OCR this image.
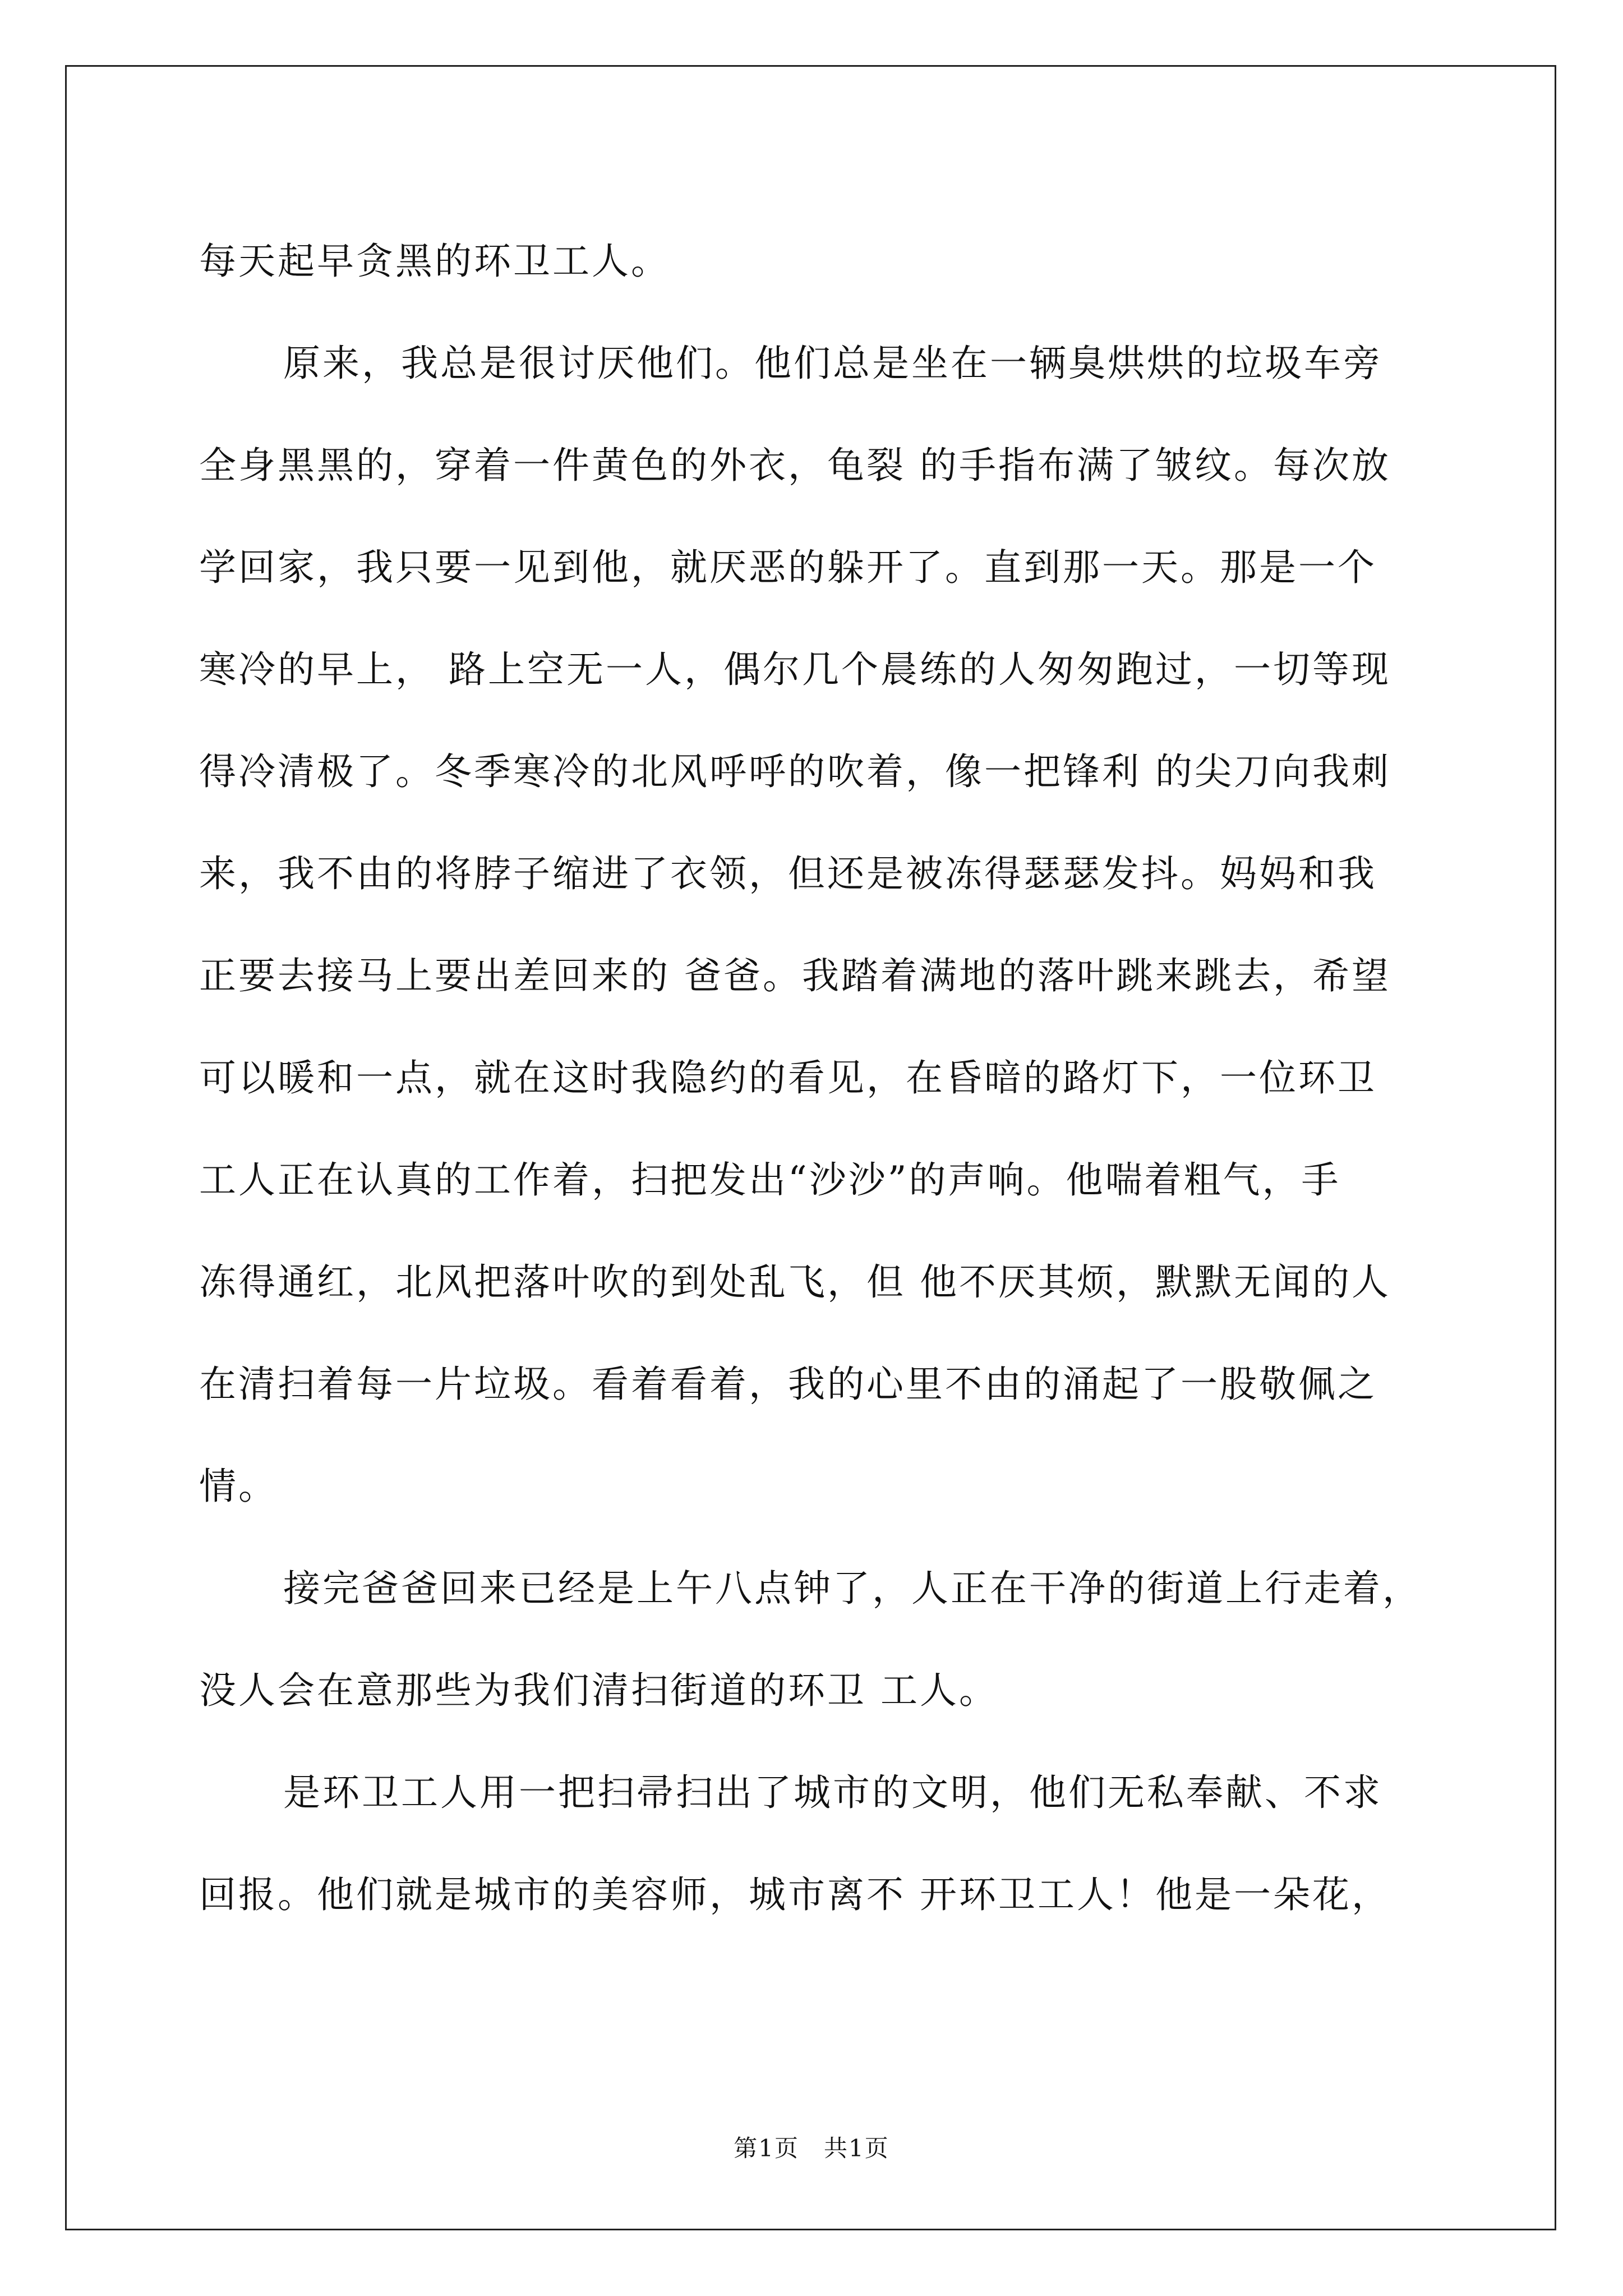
每天起早贪黑的环卫工人。
原来，我总是很讨厌他们。他们总是坐在一辆臭烘烘的垃圾车旁
全身黑黑的，穿着一件黄色的外衣，龟裂 的手指布满了皱纹。每次放
学回家，我只要一见到他，就厌恶的躲开了。直到那一天。那是一个
寒冷的早上， 路上空无一人，偶尔几个晨练的人匆匆跑过，一切等现
得冷清极了。冬季寒冷的北风呼呼的吹着，像一把锋利 的尖刀向我刺
来，我不由的将脖子缩进了衣领，但还是被冻得瑟瑟发抖。妈妈和我
正要去接马上要出差回来的 爸爸。我踏着满地的落叶跳来跳去，希望
可以暖和一点，就在这时我隐约的看见，在昏暗的路灯下，一位环卫
工人正在认真的工作着，扫把发出“沙沙”的声响。他喘着粗气，手
冻得通红，北风把落叶吹的到处乱飞，但 他不厌其烦，默默无闻的人
在清扫着每一片垃圾。看着看着，我的心里不由的涌起了一股敬佩之
情。
接完爸爸回来已经是上午八点钟了，人正在干净的街道上行走着，
没人会在意那些为我们清扫街道的环卫 工人。
是环卫工人用一把扫帚扫出了城市的文明，他们无私奉献、不求
回报。他们就是城市的美容师，城市离不 开环卫工人！他是一朵花，
第1页　共1页
